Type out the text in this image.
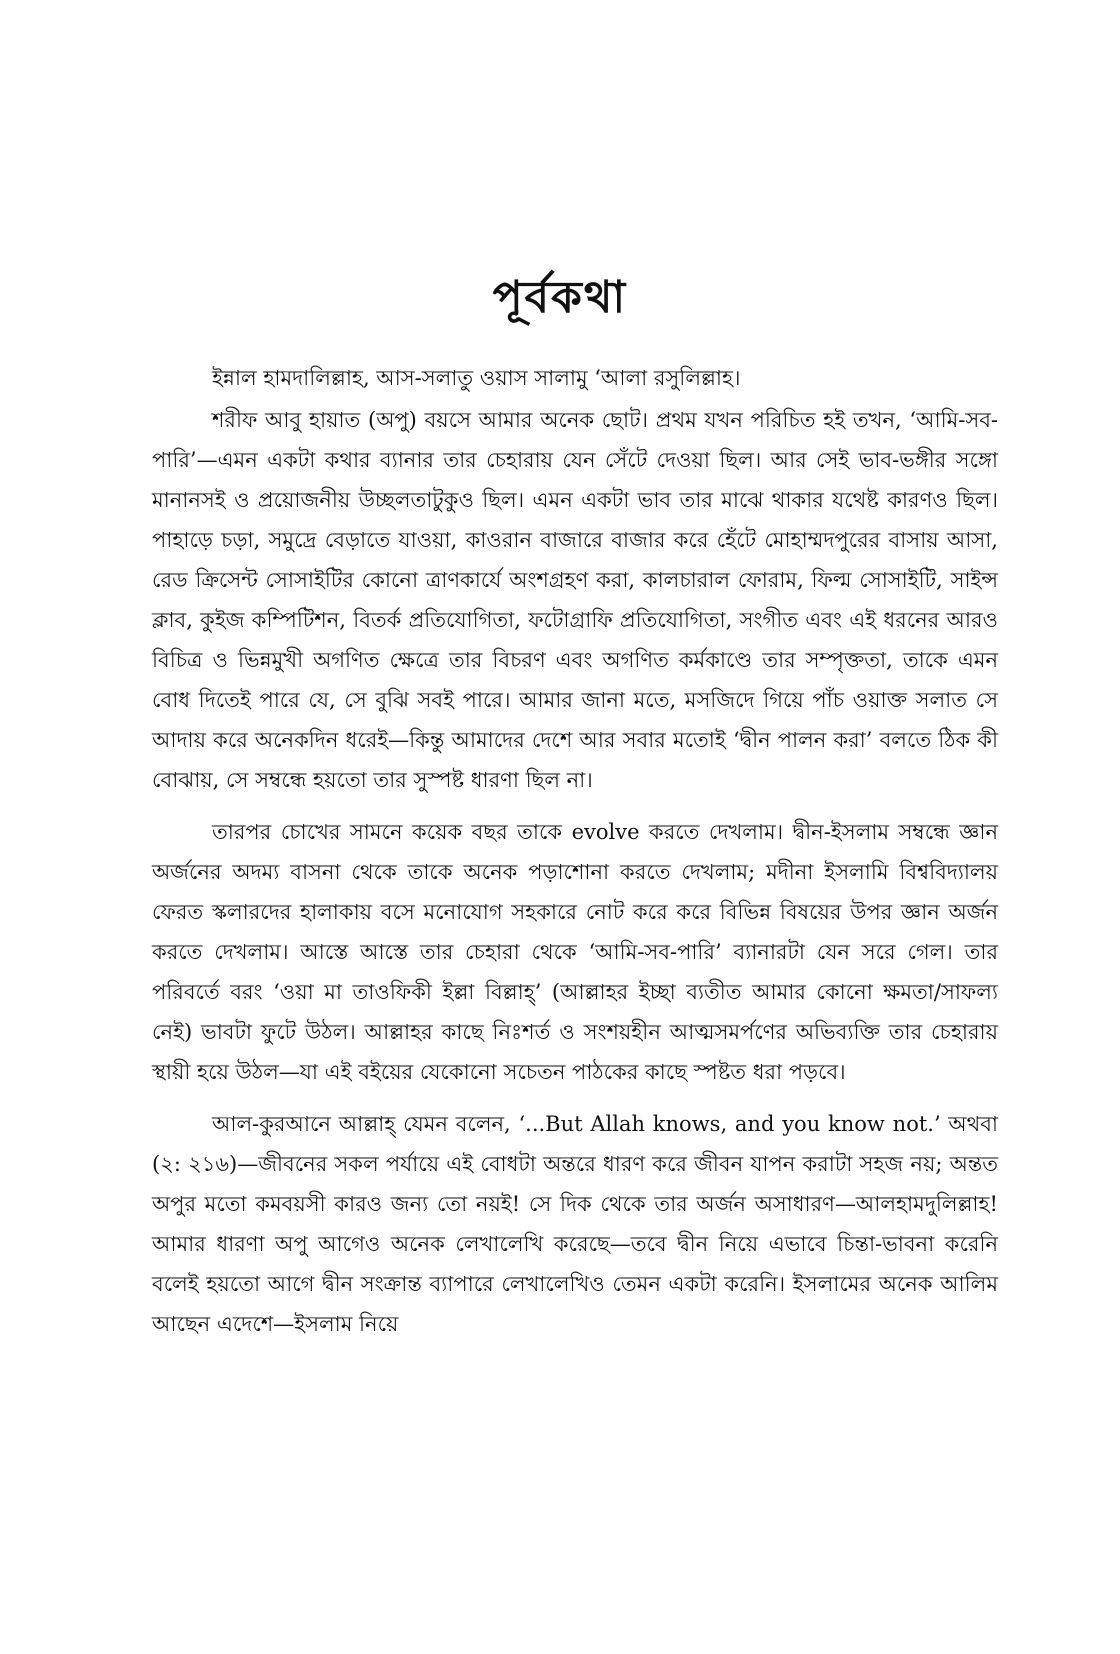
পূর্বকথা

ইন্নাল হামদালিল্লাহ, আস-সলাতু ওয়াস সালামু ‘আলা রসুলিল্লাহ।

শরীফ আবু হায়াত (অপু) বয়সে আমার অনেক ছোট। প্রথম যখন পরিচিত হই তখন, ‘আমি-সব-পারি’—এমন একটা কথার ব্যানার তার চেহারায় যেন সেঁটে দেওয়া ছিল। আর সেই ভাব-ভঙ্গীর সঙ্গো মানানসই ও প্রয়োজনীয় উচ্ছলতাটুকুও ছিল। এমন একটা ভাব তার মাঝে থাকার যথেষ্ট কারণও ছিল। পাহাড়ে চড়া, সমুদ্রে বেড়াতে যাওয়া, কাওরান বাজারে বাজার করে হেঁটে মোহাম্মদপুরের বাসায় আসা, রেড ক্রিসেন্ট সোসাইটির কোনো ত্রাণকার্যে অংশগ্রহণ করা, কালচারাল ফোরাম, ফিল্ম সোসাইটি, সাইন্স ক্লাব, কুইজ কম্পিটিশন, বিতর্ক প্রতিযোগিতা, ফটোগ্রাফি প্রতিযোগিতা, সংগীত এবং এই ধরনের আরও বিচিত্র ও ভিন্নমুখী অগণিত ক্ষেত্রে তার বিচরণ এবং অগণিত কর্মকাণ্ডে তার সম্পৃক্ততা, তাকে এমন বোধ দিতেই পারে যে, সে বুঝি সবই পারে। আমার জানা মতে, মসজিদে গিয়ে পাঁচ ওয়াক্ত সলাত সে আদায় করে অনেকদিন ধরেই—কিন্তু আমাদের দেশে আর সবার মতোই ‘দ্বীন পালন করা’ বলতে ঠিক কী বোঝায়, সে সম্বন্ধে হয়তো তার সুস্পষ্ট ধারণা ছিল না।

তারপর চোখের সামনে কয়েক বছর তাকে evolve করতে দেখলাম। দ্বীন-ইসলাম সম্বন্ধে জ্ঞান অর্জনের অদম্য বাসনা থেকে তাকে অনেক পড়াশোনা করতে দেখলাম; মদীনা ইসলামি বিশ্ববিদ্যালয় ফেরত স্কলারদের হালাকায় বসে মনোযোগ সহকারে নোট করে করে বিভিন্ন বিষয়ের উপর জ্ঞান অর্জন করতে দেখলাম। আস্তে আস্তে তার চেহারা থেকে ‘আমি-সব-পারি’ ব্যানারটা যেন সরে গেল। তার পরিবর্তে বরং ‘ওয়া মা তাওফিকী ইল্লা বিল্লাহ্’ (আল্লাহর ইচ্ছা ব্যতীত আমার কোনো ক্ষমতা/সাফল্য নেই) ভাবটা ফুটে উঠল। আল্লাহর কাছে নিঃশর্ত ও সংশয়হীন আত্মসমর্পণের অভিব্যক্তি তার চেহারায় স্থায়ী হয়ে উঠল—যা এই বইয়ের যেকোনো সচেতন পাঠকের কাছে স্পষ্টত ধরা পড়বে।

আল-কুরআনে আল্লাহ্ যেমন বলেন, ‘...But Allah knows, and you know not.’ অথবা (২: ২১৬)—জীবনের সকল পর্যায়ে এই বোধটা অন্তরে ধারণ করে জীবন যাপন করাটা সহজ নয়; অন্তত অপুর মতো কমবয়সী কারও জন্য তো নয়ই! সে দিক থেকে তার অর্জন অসাধারণ—আলহামদুলিল্লাহ! আমার ধারণা অপু আগেও অনেক লেখালেখি করেছে—তবে দ্বীন নিয়ে এভাবে চিন্তা-ভাবনা করেনি বলেই হয়তো আগে দ্বীন সংক্রান্ত ব্যাপারে লেখালেখিও তেমন একটা করেনি। ইসলামের অনেক আলিম আছেন এদেশে—ইসলাম নিয়ে
